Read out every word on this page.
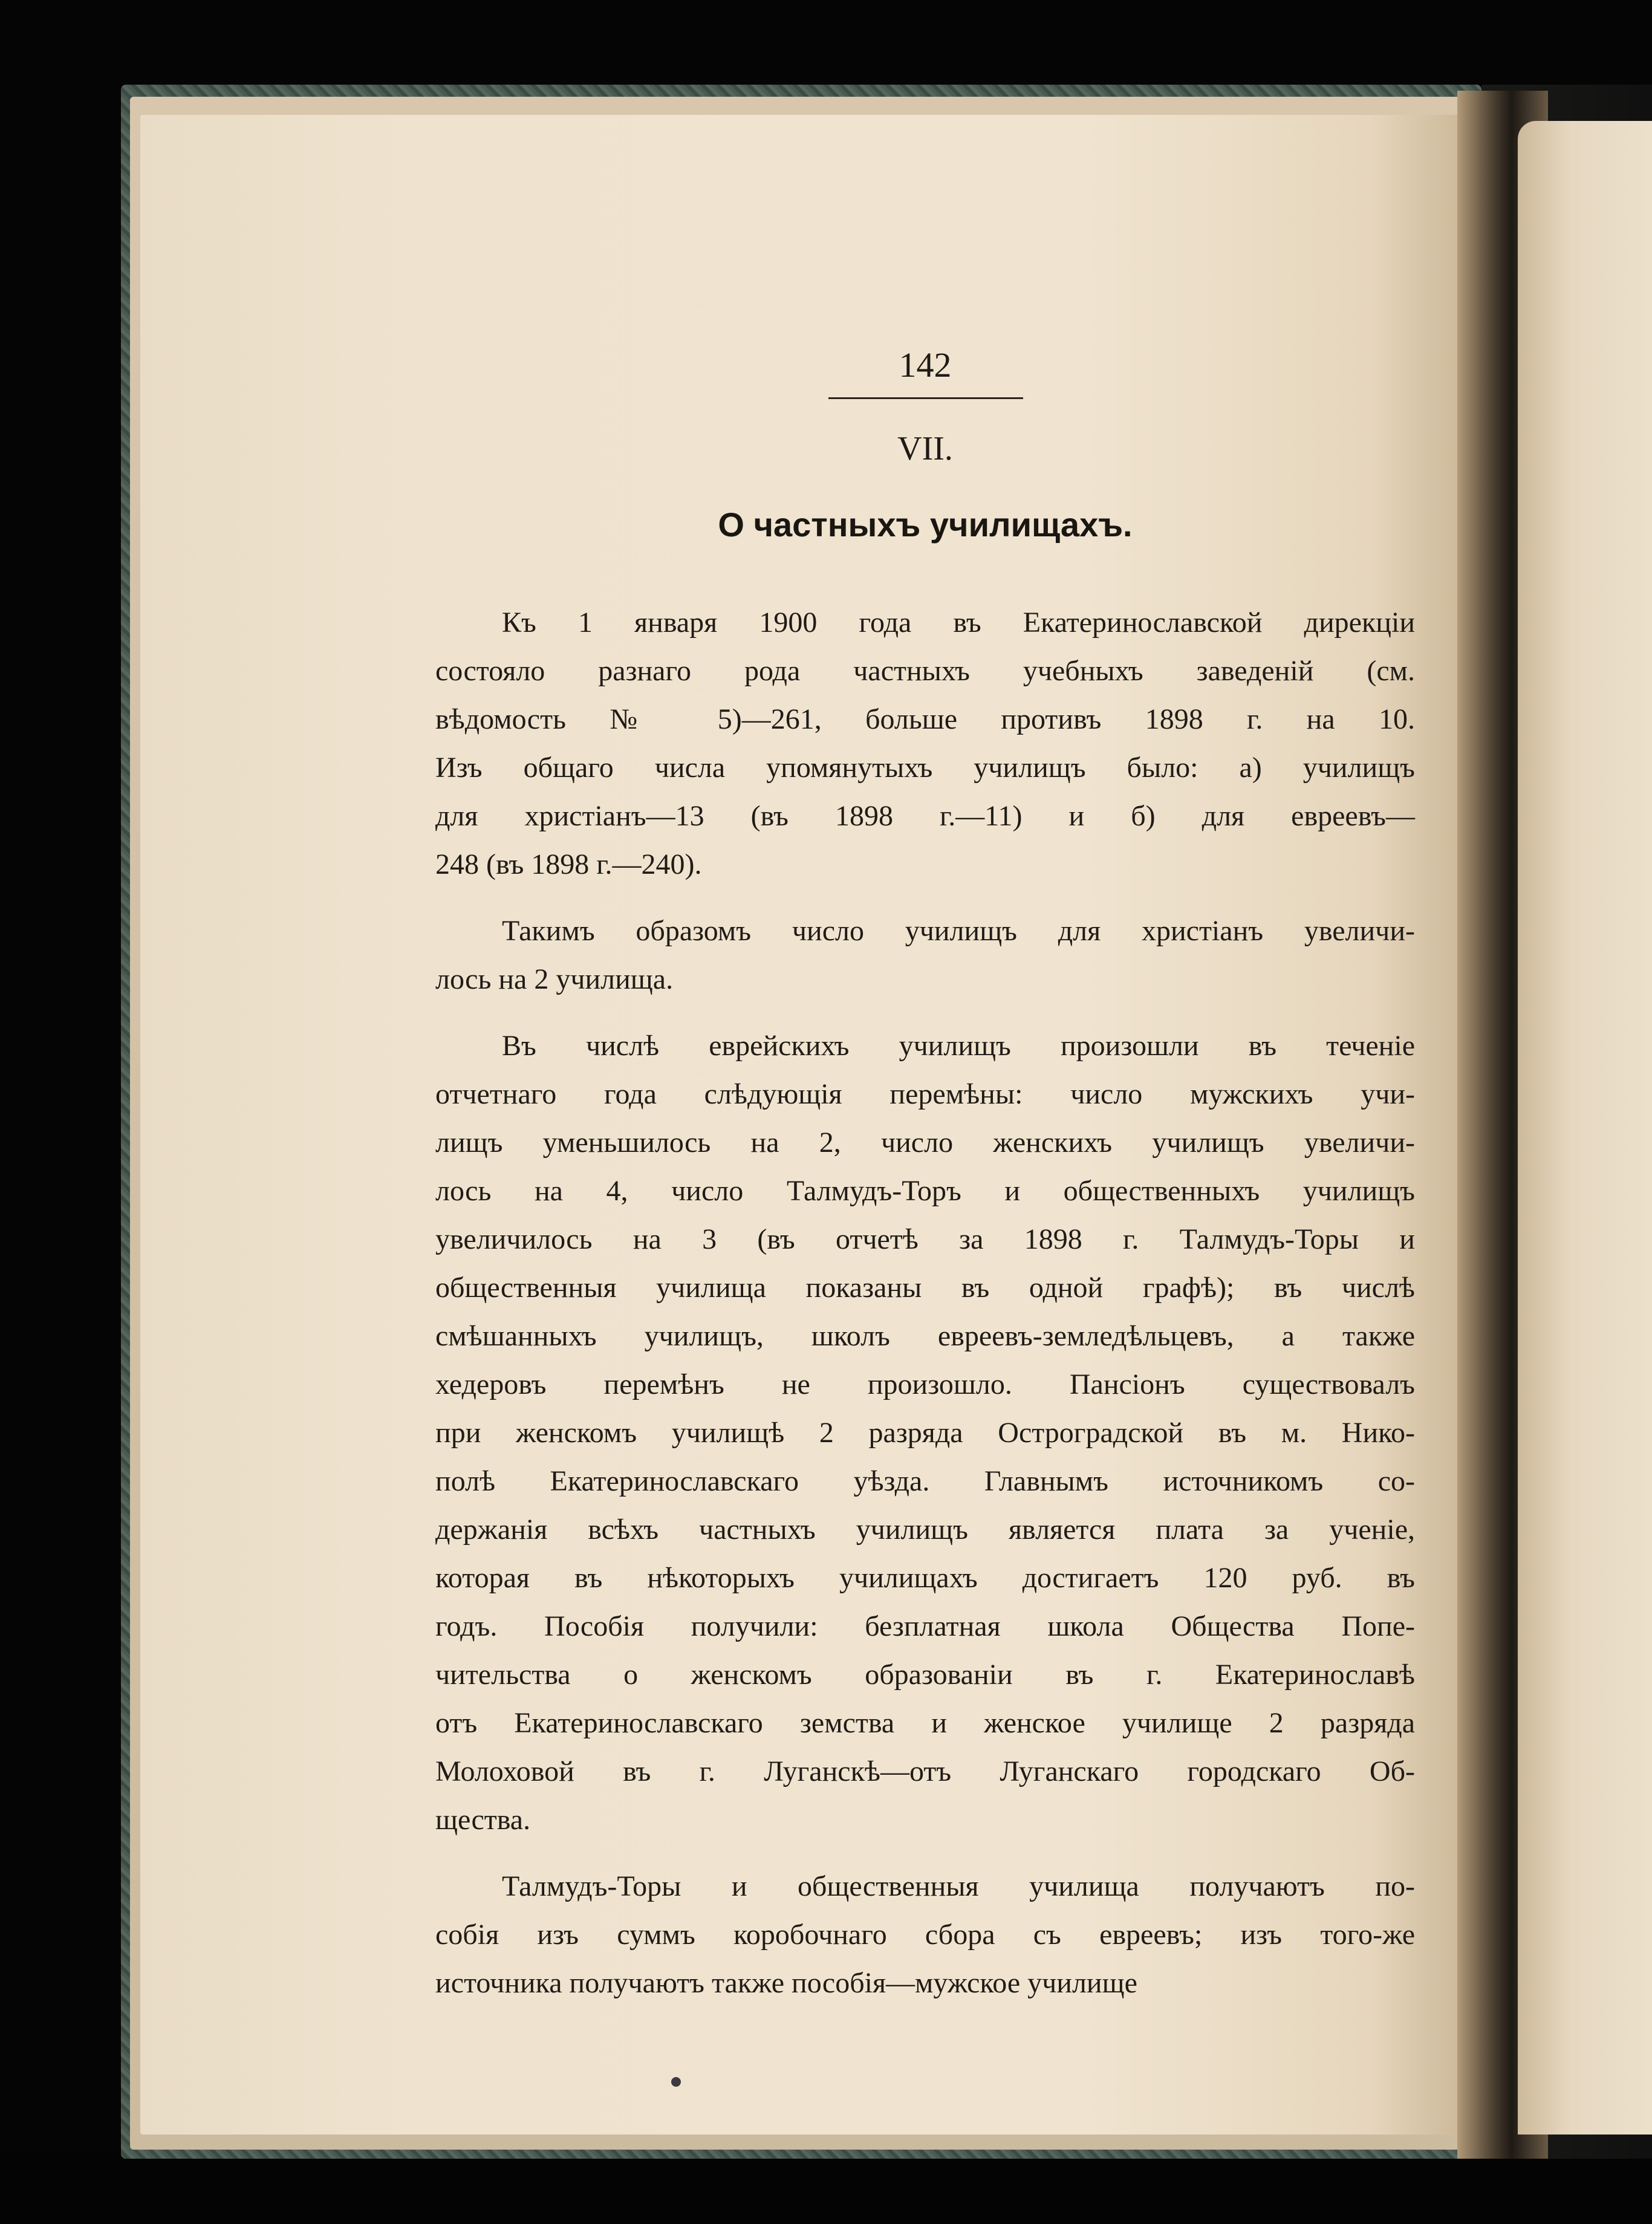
142
VII.
О частныхъ училищахъ.
Къ 1 января 1900 года въ Екатеринославской дирекціи
состояло разнаго рода частныхъ учебныхъ заведеній (см.
вѣдомость № 5)—261, больше противъ 1898 г. на 10.
Изъ общаго числа упомянутыхъ училищъ было: а) училищъ
для христіанъ—13 (въ 1898 г.—11) и б) для евреевъ—
248 (въ 1898 г.—240).
Такимъ образомъ число училищъ для христіанъ увеличи-
лось на 2 училища.
Въ числѣ еврейскихъ училищъ произошли въ теченіе
отчетнаго года слѣдующія перемѣны: число мужскихъ учи-
лищъ уменьшилось на 2, число женскихъ училищъ увеличи-
лось на 4, число Талмудъ-Торъ и общественныхъ училищъ
увеличилось на 3 (въ отчетѣ за 1898 г. Талмудъ-Торы и
общественныя училища показаны въ одной графѣ); въ числѣ
смѣшанныхъ училищъ, школъ евреевъ-земледѣльцевъ, а также
хедеровъ перемѣнъ не произошло. Пансіонъ существовалъ
при женскомъ училищѣ 2 разряда Остроградской въ м. Нико-
полѣ Екатеринославскаго уѣзда. Главнымъ источникомъ со-
держанія всѣхъ частныхъ училищъ является плата за ученіе,
которая въ нѣкоторыхъ училищахъ достигаетъ 120 руб. въ
годъ. Пособія получили: безплатная школа Общества Попе-
чительства о женскомъ образованіи въ г. Екатеринославѣ
отъ Екатеринославскаго земства и женское училище 2 разряда
Молоховой въ г. Луганскѣ—отъ Луганскаго городскаго Об-
щества.
Талмудъ-Торы и общественныя училища получаютъ по-
собія изъ суммъ коробочнаго сбора съ евреевъ; изъ того-же
источника получаютъ также пособія—мужское училище
